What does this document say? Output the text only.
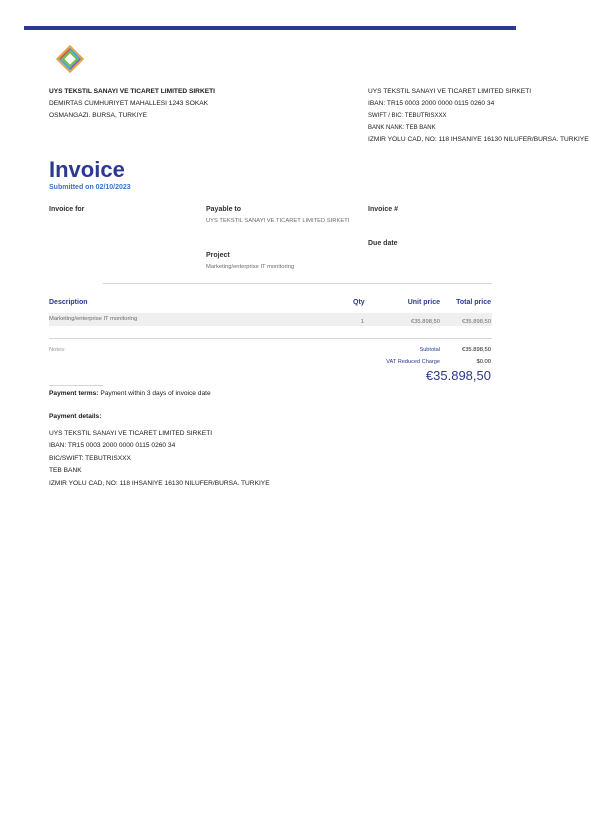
UYS TEKSTIL SANAYI VE TICARET LIMITED SIRKETI
DEMIRTAS CUMHURIYET MAHALLESI 1243 SOKAK
OSMANGAZI. BURSA, TURKIYE
UYS TEKSTIL SANAYI VE TICARET LIMITED SIRKETI
IBAN: TR15 0003 2000 0000 0115 0260 34
SWIFT / BIC: TEBUTRISXXX
BANK NANK: TEB BANK
IZMIR YOLU CAD, NO: 118 IHSANIYE 16130 NILUFER/BURSA. TURKIYE
Invoice
Submitted on 02/10/2023
Invoice for	Payable to
UYS TEKSTIL SANAYI VE TICARET LIMITED SIRKETI
Invoice #
Due date
Project
Marketing/enterprise IT monitoring
Description	Qty	Unit price	Total price
Marketing/enterprise IT monitoring	1	€35.898,50	€35.898,50
Notes:	Subtotal	€35.898,50
VAT Reduced Charge	$0.00
€35.898,50
Payment terms: Payment within 3 days of invoice date
Payment details:
UYS TEKSTIL SANAYI VE TICARET LIMITED SIRKETI
IBAN: TR15 0003 2000 0000 0115 0260 34
BIC/SWIFT: TEBUTRISXXX
TEB BANK
IZMIR YOLU CAD, NO: 118 IHSANIYE 16130 NILUFER/BURSA. TURKIYE
